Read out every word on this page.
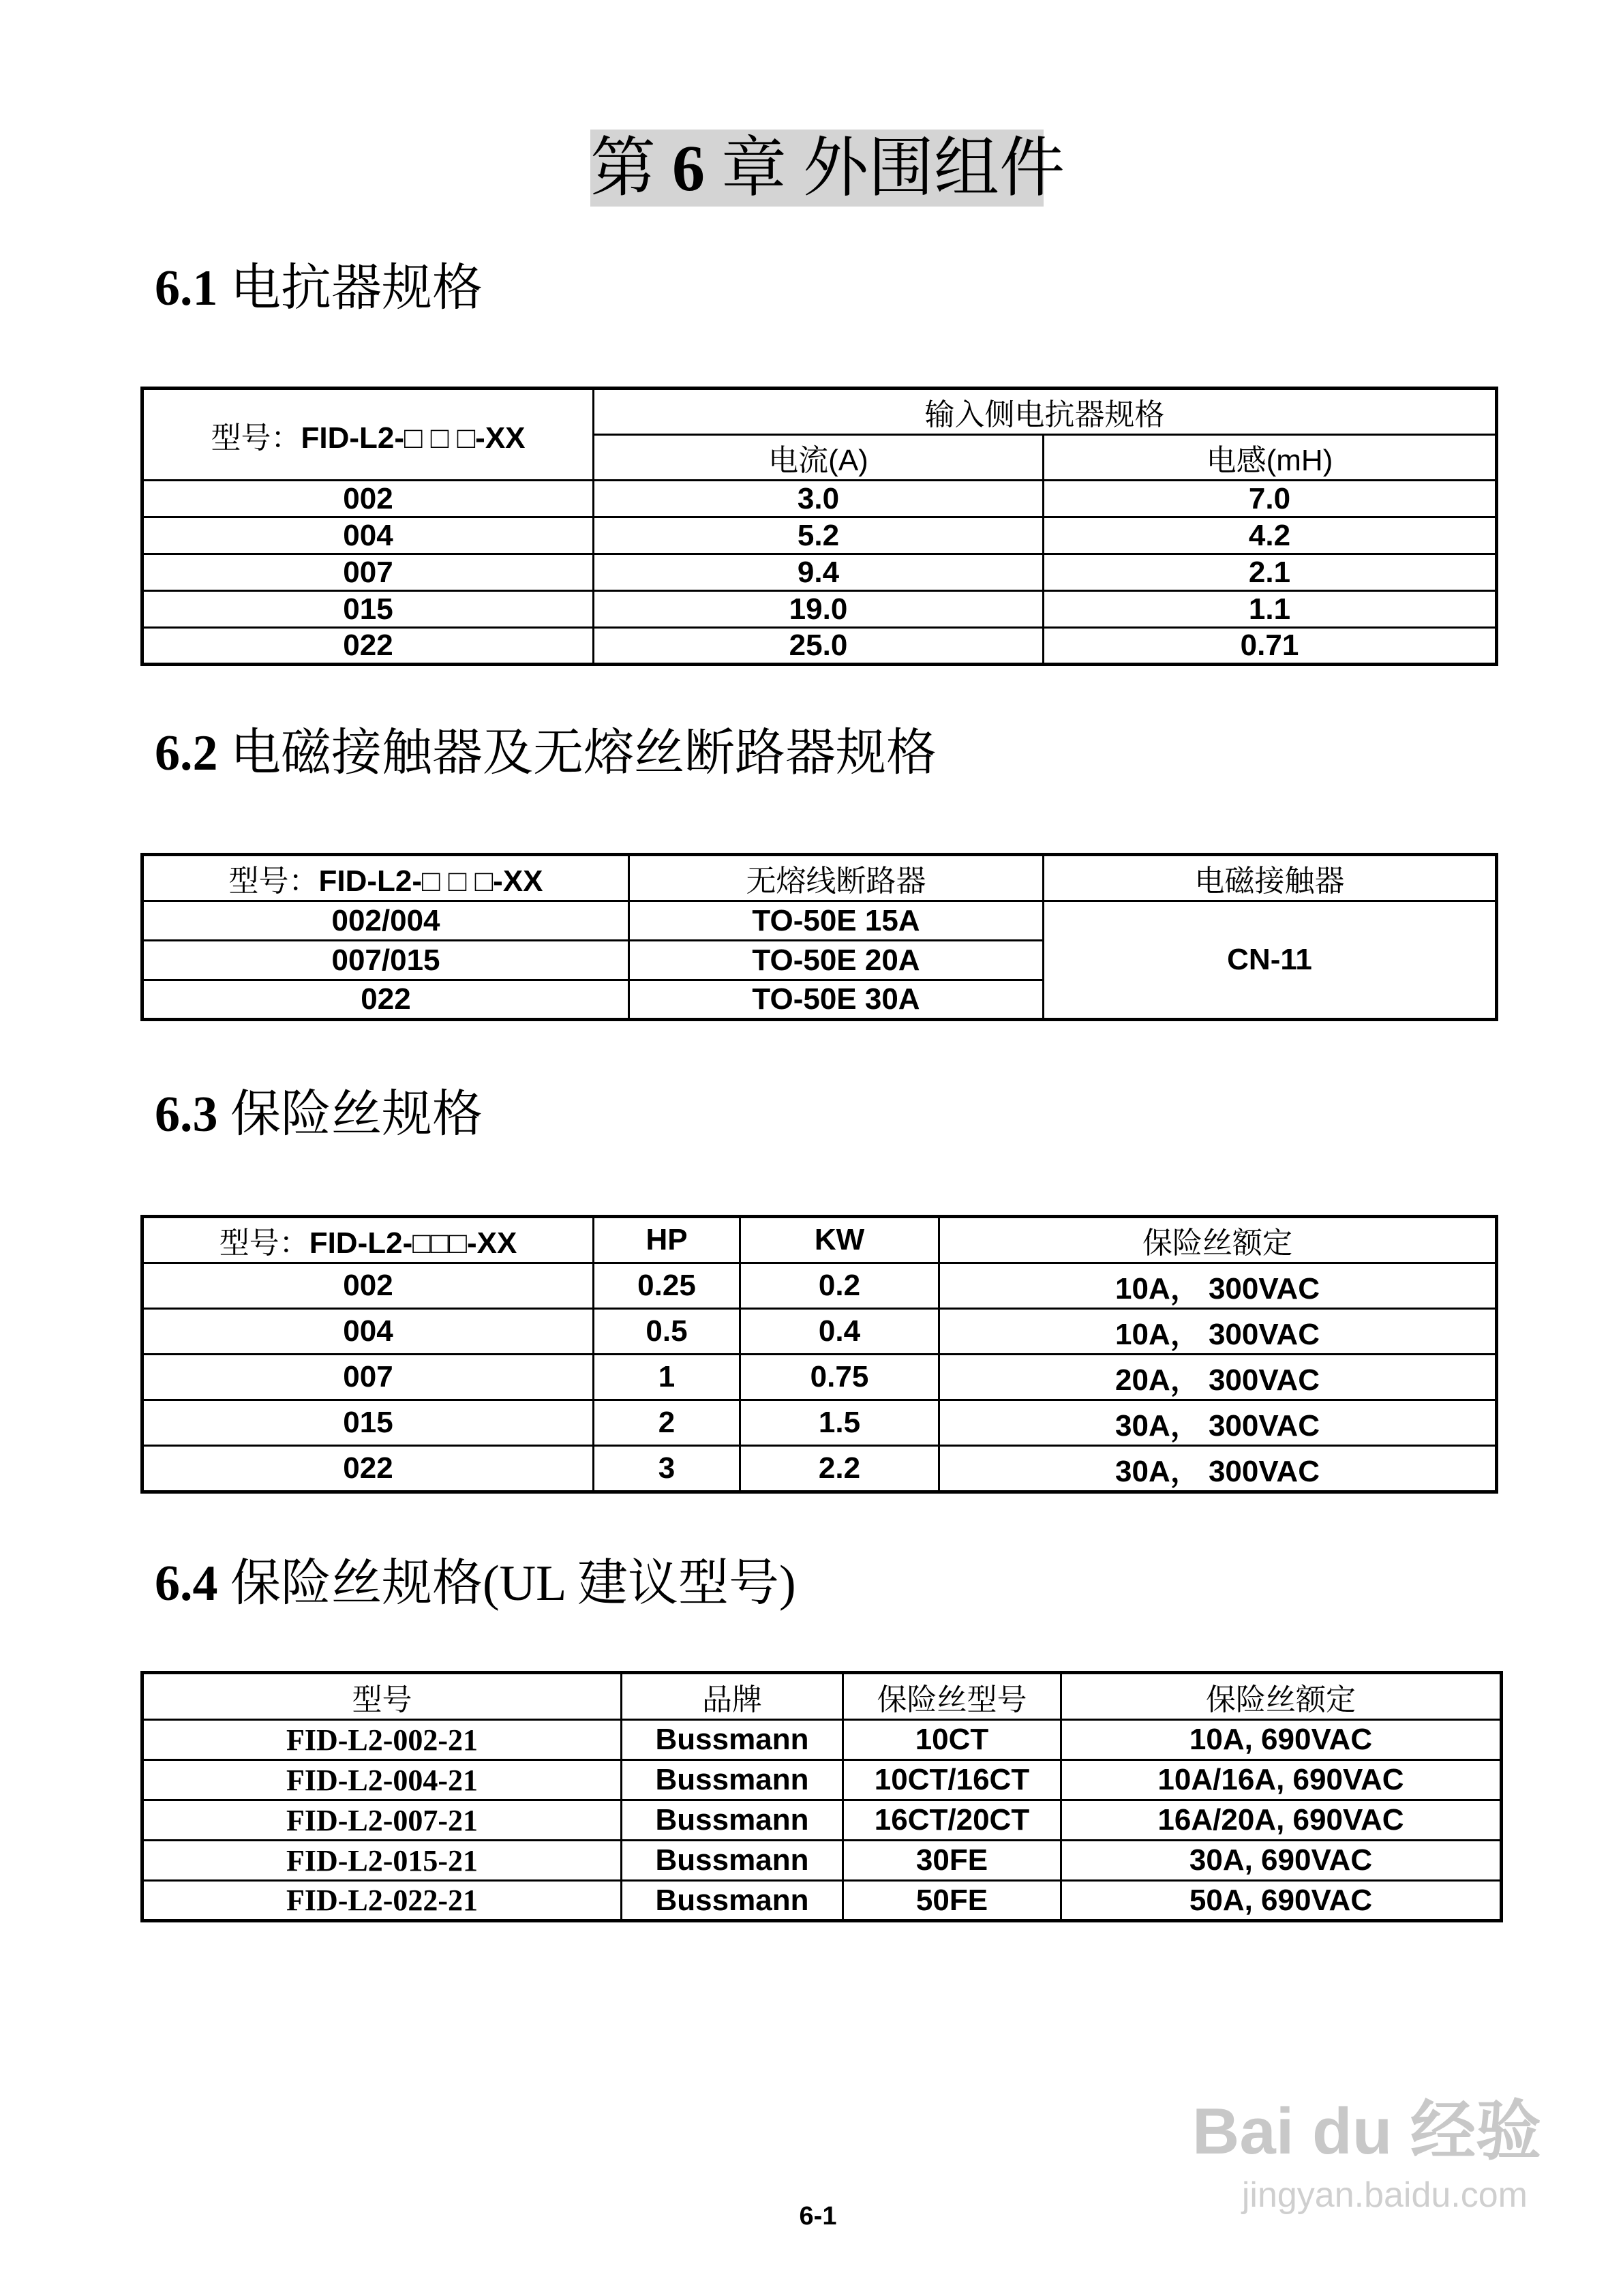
第 6 章 外围组件
6.1 电抗器规格
型号：FID-L2-□ □ □-XX	输入侧电抗器规格	
	电流(A)	电感(mH)
002	3.0	7.0
004	5.2	4.2
007	9.4	2.1
015	19.0	1.1
022	25.0	0.71
6.2 电磁接触器及无熔丝断路器规格
型号：FID-L2-□ □ □-XX	无熔线断路器	电磁接触器
002/004	TO-50E 15A	CN-11
007/015	TO-50E 20A	
022	TO-50E 30A	
6.3 保险丝规格
型号：FID-L2-□□□-XX	HP	KW	保险丝额定
002	0.25	0.2	10A， 300VAC
004	0.5	0.4	10A， 300VAC
007	1	0.75	20A， 300VAC
015	2	1.5	30A， 300VAC
022	3	2.2	30A， 300VAC
6.4 保险丝规格(UL 建议型号)
型号	品牌	保险丝型号	保险丝额定
FID-L2-002-21	Bussmann	10CT	10A, 690VAC
FID-L2-004-21	Bussmann	10CT/16CT	10A/16A, 690VAC
FID-L2-007-21	Bussmann	16CT/20CT	16A/20A, 690VAC
FID-L2-015-21	Bussmann	30FE	30A, 690VAC
FID-L2-022-21	Bussmann	50FE	50A, 690VAC
6-1
Bai du 经验
jingyan.baidu.com
